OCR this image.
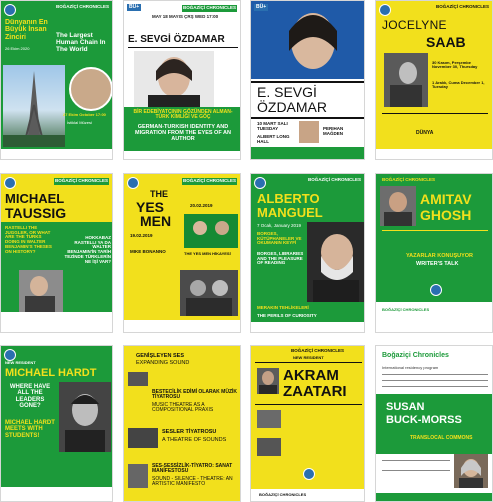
BOĞAZİÇİ CHRONICLES

Dünyanın En Büyük İnsan Zinciri	The Largest Human Chain In The World

26 Ekim 2020

27 Ekim October 17:00

İstiklal Müzesi

BÜ+	BOĞAZİÇİ CHRONICLES

MAY 18 MAYIS ÇRŞ WED 17:00

E. SEVGİ ÖZDAMAR

BİR EDEBİYATÇININ GÖZÜNDEN ALMAN-TÜRK KİMLİĞİ VE GÖÇ

GERMAN-TURKISH IDENTITY AND MIGRATION FROM THE EYES OF AN AUTHOR

BÜ+

E. SEVGİ

ÖZDAMAR

10 MART SALI TUESDAY

ALBERT LONG HALL

PERIHAN MAĞDEN

BOĞAZİÇİ CHRONICLES

JOCELYNE

SAAB

30 Kasım, Perşembe November 30, Thursday

1 Aralık, Cuma December 1, Tuesday

DÜNYA

BOĞAZİÇİ CHRONICLES

MICHAEL

TAUSSIG

RASTELLI THE JUGGLER, OR WHAT ARE THE TURKS DOING IN WALTER BENJAMIN'S THESES ON HISTORY?

HOKKABAZ RASTELLI YA DA WALTER BENJAMIN'İN TARİH TEZİNDE TÜRKLERİN NE İŞİ VAR?

BOĞAZİÇİ CHRONICLES

THE

YES

MEN

19.02.2019

20.02.2019

MIKE BONANNO	THE YES MEN HİKAYESİ

BOĞAZİÇİ CHRONICLES

ALBERTO

MANGUEL

7 Ocak, January 2019

BORGES, KÜTÜPHANELER VE OKUMANIN KEYFİ

BORGES, LIBRARIES AND THE PLEASURE OF READING

MERAKIN TEHLİKELERİ

THE PERILS OF CURIOSITY

BOĞAZİÇİ CHRONICLES

AMITAV

GHOSH

YAZARLAR KONUŞUYOR

WRITER'S TALK

BOĞAZİÇİ CHRONICLES

NEW RESIDENT

MICHAEL HARDT

WHERE HAVE ALL THE LEADERS GONE?

MICHAEL HARDT MEETS WITH STUDENTS!

GENİŞLEYEN SES

EXPANDING SOUND

BESTECİLİK EDİMİ OLARAK MÜZİK TİYATROSU

MUSIC THEATRE AS A COMPOSITIONAL PRAXIS

SESLER TİYATROSU

A THEATRE OF SOUNDS

SES-SESSİZLİK-TİYATRO: SANAT MANİFESTOSU

SOUND - SILENCE - THEATRE: AN ARTISTIC MANIFESTO

BOĞAZİÇİ CHRONICLES
NEW RESIDENT

AKRAM

ZAATARI

BOĞAZİÇİ CHRONICLES

Boğaziçi Chronicles

International residency program

SUSAN

BUCK-MORSS

TRANSLOCAL COMMONS
